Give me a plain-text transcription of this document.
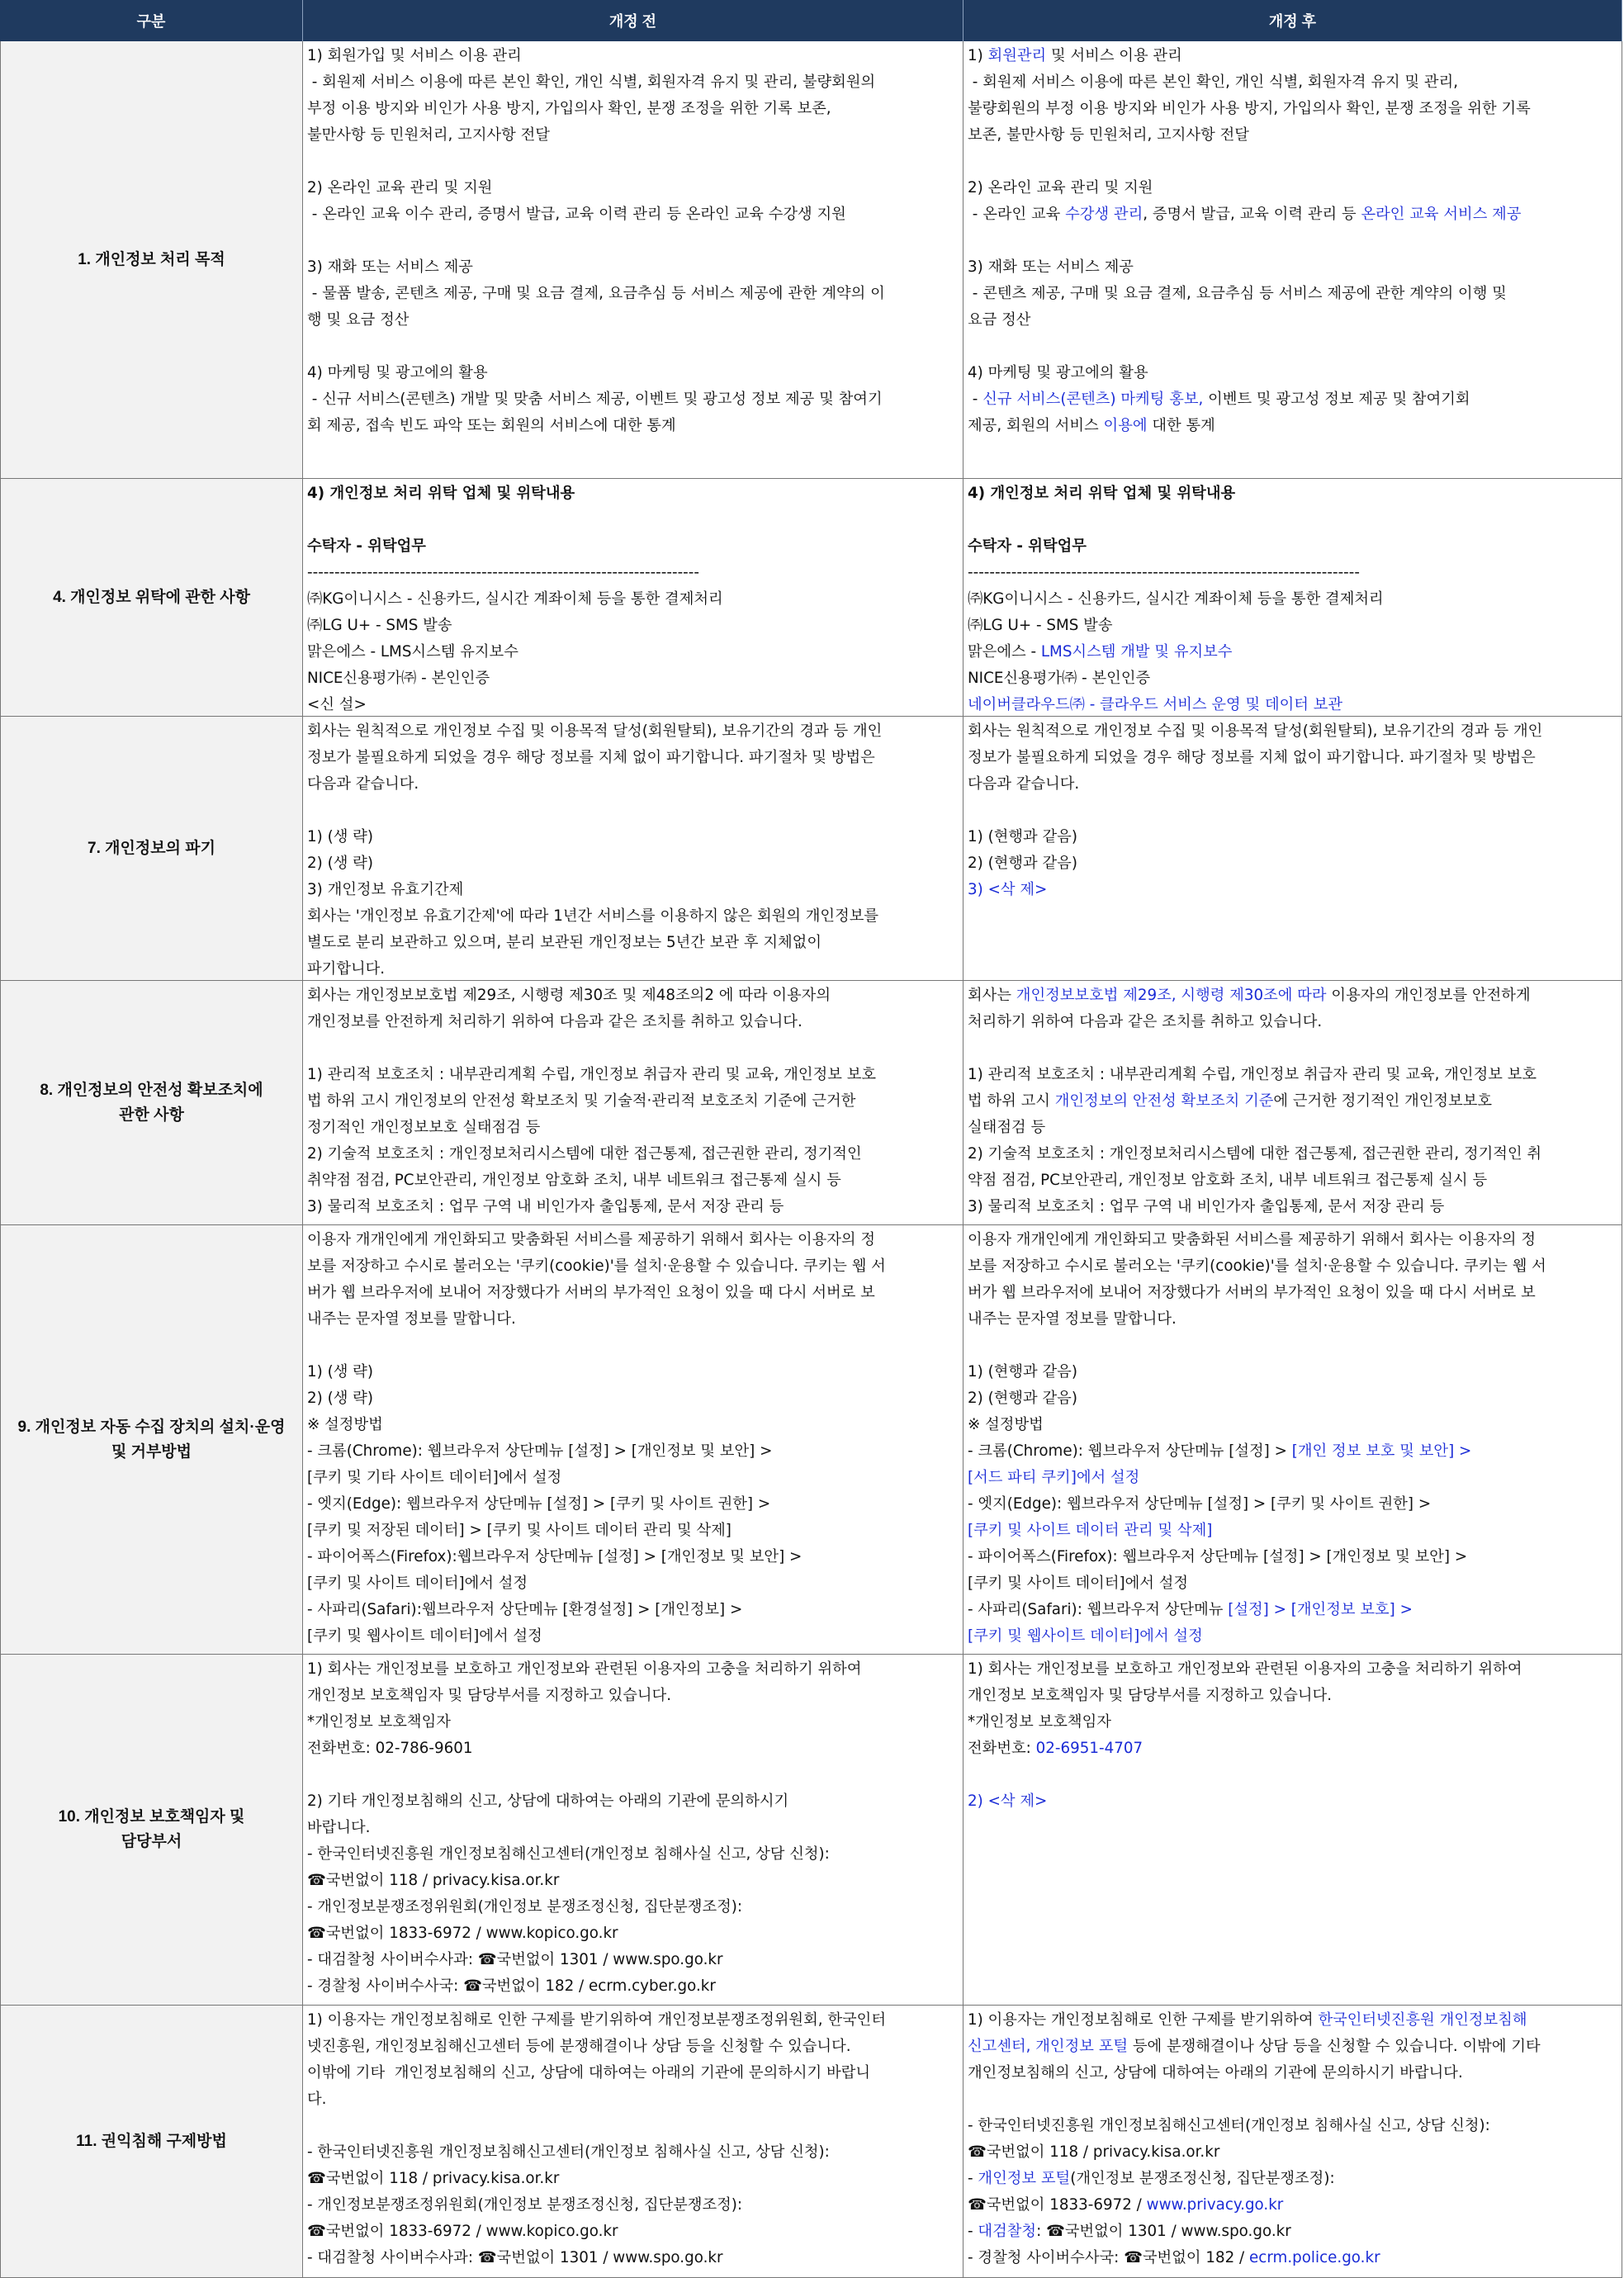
구분	개정 전	개정 후
1. 개인정보 처리 목적
1) 회원가입 및 서비스 이용 관리
- 회원제 서비스 이용에 따른 본인 확인, 개인 식별, 회원자격 유지 및 관리, 불량회원의
부정 이용 방지와 비인가 사용 방지, 가입의사 확인, 분쟁 조정을 위한 기록 보존,
불만사항 등 민원처리, 고지사항 전달
2) 온라인 교육 관리 및 지원
- 온라인 교육 이수 관리, 증명서 발급, 교육 이력 관리 등 온라인 교육 수강생 지원
3) 재화 또는 서비스 제공
- 물품 발송, 콘텐츠 제공, 구매 및 요금 결제, 요금추심 등 서비스 제공에 관한 계약의 이
행 및 요금 정산
4) 마케팅 및 광고에의 활용
- 신규 서비스(콘텐츠) 개발 및 맞춤 서비스 제공, 이벤트 및 광고성 정보 제공 및 참여기
회 제공, 접속 빈도 파악 또는 회원의 서비스에 대한 통계
1) 회원관리 및 서비스 이용 관리
- 회원제 서비스 이용에 따른 본인 확인, 개인 식별, 회원자격 유지 및 관리,
불량회원의 부정 이용 방지와 비인가 사용 방지, 가입의사 확인, 분쟁 조정을 위한 기록
보존, 불만사항 등 민원처리, 고지사항 전달
2) 온라인 교육 관리 및 지원
- 온라인 교육 수강생 관리, 증명서 발급, 교육 이력 관리 등 온라인 교육 서비스 제공
3) 재화 또는 서비스 제공
- 콘텐츠 제공, 구매 및 요금 결제, 요금추심 등 서비스 제공에 관한 계약의 이행 및
요금 정산
4) 마케팅 및 광고에의 활용
- 신규 서비스(콘텐츠) 마케팅 홍보, 이벤트 및 광고성 정보 제공 및 참여기회
제공, 회원의 서비스 이용에 대한 통계
4. 개인정보 위탁에 관한 사항
4) 개인정보 처리 위탁 업체 및 위탁내용
수탁자 - 위탁업무
------------------------------------------------------------------------
㈜KG이니시스 - 신용카드, 실시간 계좌이체 등을 통한 결제처리
㈜LG U+ - SMS 발송
맑은에스 - LMS시스템 유지보수
NICE신용평가㈜ - 본인인증
<신 설>
4) 개인정보 처리 위탁 업체 및 위탁내용
수탁자 - 위탁업무
------------------------------------------------------------------------
㈜KG이니시스 - 신용카드, 실시간 계좌이체 등을 통한 결제처리
㈜LG U+ - SMS 발송
맑은에스 - LMS시스템 개발 및 유지보수
NICE신용평가㈜ - 본인인증
네이버클라우드㈜ - 클라우드 서비스 운영 및 데이터 보관
7. 개인정보의 파기
회사는 원칙적으로 개인정보 수집 및 이용목적 달성(회원탈퇴), 보유기간의 경과 등 개인
정보가 불필요하게 되었을 경우 해당 정보를 지체 없이 파기합니다. 파기절차 및 방법은
다음과 같습니다.
1) (생 략)
2) (생 략)
3) 개인정보 유효기간제
회사는 '개인정보 유효기간제'에 따라 1년간 서비스를 이용하지 않은 회원의 개인정보를
별도로 분리 보관하고 있으며, 분리 보관된 개인정보는 5년간 보관 후 지체없이
파기합니다.
회사는 원칙적으로 개인정보 수집 및 이용목적 달성(회원탈퇴), 보유기간의 경과 등 개인
정보가 불필요하게 되었을 경우 해당 정보를 지체 없이 파기합니다. 파기절차 및 방법은
다음과 같습니다.
1) (현행과 같음)
2) (현행과 같음)
3) <삭 제>
8. 개인정보의 안전성 확보조치에
관한 사항
회사는 개인정보보호법 제29조, 시행령 제30조 및 제48조의2 에 따라 이용자의
개인정보를 안전하게 처리하기 위하여 다음과 같은 조치를 취하고 있습니다.
1) 관리적 보호조치 : 내부관리계획 수립, 개인정보 취급자 관리 및 교육, 개인정보 보호
법 하위 고시 개인정보의 안전성 확보조치 및 기술적·관리적 보호조치 기준에 근거한
정기적인 개인정보보호 실태점검 등
2) 기술적 보호조치 : 개인정보처리시스템에 대한 접근통제, 접근권한 관리, 정기적인
취약점 점검, PC보안관리, 개인정보 암호화 조치, 내부 네트워크 접근통제 실시 등
3) 물리적 보호조치 : 업무 구역 내 비인가자 출입통제, 문서 저장 관리 등
회사는 개인정보보호법 제29조, 시행령 제30조에 따라 이용자의 개인정보를 안전하게
처리하기 위하여 다음과 같은 조치를 취하고 있습니다.
1) 관리적 보호조치 : 내부관리계획 수립, 개인정보 취급자 관리 및 교육, 개인정보 보호
법 하위 고시 개인정보의 안전성 확보조치 기준에 근거한 정기적인 개인정보보호
실태점검 등
2) 기술적 보호조치 : 개인정보처리시스템에 대한 접근통제, 접근권한 관리, 정기적인 취
약점 점검, PC보안관리, 개인정보 암호화 조치, 내부 네트워크 접근통제 실시 등
3) 물리적 보호조치 : 업무 구역 내 비인가자 출입통제, 문서 저장 관리 등
9. 개인정보 자동 수집 장치의 설치·운영
및 거부방법
이용자 개개인에게 개인화되고 맞춤화된 서비스를 제공하기 위해서 회사는 이용자의 정
보를 저장하고 수시로 불러오는 '쿠키(cookie)'를 설치·운용할 수 있습니다. 쿠키는 웹 서
버가 웹 브라우저에 보내어 저장했다가 서버의 부가적인 요청이 있을 때 다시 서버로 보
내주는 문자열 정보를 말합니다.
1) (생 략)
2) (생 략)
※ 설정방법
- 크롬(Chrome): 웹브라우저 상단메뉴 [설정] > [개인정보 및 보안] >
[쿠키 및 기타 사이트 데이터]에서 설정
- 엣지(Edge): 웹브라우저 상단메뉴 [설정] > [쿠키 및 사이트 권한] >
[쿠키 및 저장된 데이터] > [쿠키 및 사이트 데이터 관리 및 삭제]
- 파이어폭스(Firefox):웹브라우저 상단메뉴 [설정] > [개인정보 및 보안] >
[쿠키 및 사이트 데이터]에서 설정
- 사파리(Safari):웹브라우저 상단메뉴 [환경설정] > [개인정보] >
[쿠키 및 웹사이트 데이터]에서 설정
이용자 개개인에게 개인화되고 맞춤화된 서비스를 제공하기 위해서 회사는 이용자의 정
보를 저장하고 수시로 불러오는 '쿠키(cookie)'를 설치·운용할 수 있습니다. 쿠키는 웹 서
버가 웹 브라우저에 보내어 저장했다가 서버의 부가적인 요청이 있을 때 다시 서버로 보
내주는 문자열 정보를 말합니다.
1) (현행과 같음)
2) (현행과 같음)
※ 설정방법
- 크롬(Chrome): 웹브라우저 상단메뉴 [설정] > [개인 정보 보호 및 보안] >
[서드 파티 쿠키]에서 설정
- 엣지(Edge): 웹브라우저 상단메뉴 [설정] > [쿠키 및 사이트 권한] >
[쿠키 및 사이트 데이터 관리 및 삭제]
- 파이어폭스(Firefox): 웹브라우저 상단메뉴 [설정] > [개인정보 및 보안] >
[쿠키 및 사이트 데이터]에서 설정
- 사파리(Safari): 웹브라우저 상단메뉴 [설정] > [개인정보 보호] >
[쿠키 및 웹사이트 데이터]에서 설정
10. 개인정보 보호책임자 및
담당부서
1) 회사는 개인정보를 보호하고 개인정보와 관련된 이용자의 고충을 처리하기 위하여
개인정보 보호책임자 및 담당부서를 지정하고 있습니다.
*개인정보 보호책임자
전화번호: 02-786-9601
2) 기타 개인정보침해의 신고, 상담에 대하여는 아래의 기관에 문의하시기
바랍니다.
- 한국인터넷진흥원 개인정보침해신고센터(개인정보 침해사실 신고, 상담 신청):
☎국번없이 118 / privacy.kisa.or.kr
- 개인정보분쟁조정위원회(개인정보 분쟁조정신청, 집단분쟁조정):
☎국번없이 1833-6972 / www.kopico.go.kr
- 대검찰청 사이버수사과: ☎국번없이 1301 / www.spo.go.kr
- 경찰청 사이버수사국: ☎국번없이 182 / ecrm.cyber.go.kr
1) 회사는 개인정보를 보호하고 개인정보와 관련된 이용자의 고충을 처리하기 위하여
개인정보 보호책임자 및 담당부서를 지정하고 있습니다.
*개인정보 보호책임자
전화번호: 02-6951-4707
2) <삭 제>
11. 권익침해 구제방법
1) 이용자는 개인정보침해로 인한 구제를 받기위하여 개인정보분쟁조정위원회, 한국인터
넷진흥원, 개인정보침해신고센터 등에 분쟁해결이나 상담 등을 신청할 수 있습니다.
이밖에 기타  개인정보침해의 신고, 상담에 대하여는 아래의 기관에 문의하시기 바랍니
다.
- 한국인터넷진흥원 개인정보침해신고센터(개인정보 침해사실 신고, 상담 신청):
☎국번없이 118 / privacy.kisa.or.kr
- 개인정보분쟁조정위원회(개인정보 분쟁조정신청, 집단분쟁조정):
☎국번없이 1833-6972 / www.kopico.go.kr
- 대검찰청 사이버수사과: ☎국번없이 1301 / www.spo.go.kr
1) 이용자는 개인정보침해로 인한 구제를 받기위하여 한국인터넷진흥원 개인정보침해
신고센터, 개인정보 포털 등에 분쟁해결이나 상담 등을 신청할 수 있습니다. 이밖에 기타
개인정보침해의 신고, 상담에 대하여는 아래의 기관에 문의하시기 바랍니다.
- 한국인터넷진흥원 개인정보침해신고센터(개인정보 침해사실 신고, 상담 신청):
☎국번없이 118 / privacy.kisa.or.kr
- 개인정보 포털(개인정보 분쟁조정신청, 집단분쟁조정):
☎국번없이 1833-6972 / www.privacy.go.kr
- 대검찰청: ☎국번없이 1301 / www.spo.go.kr
- 경찰청 사이버수사국: ☎국번없이 182 / ecrm.police.go.kr
